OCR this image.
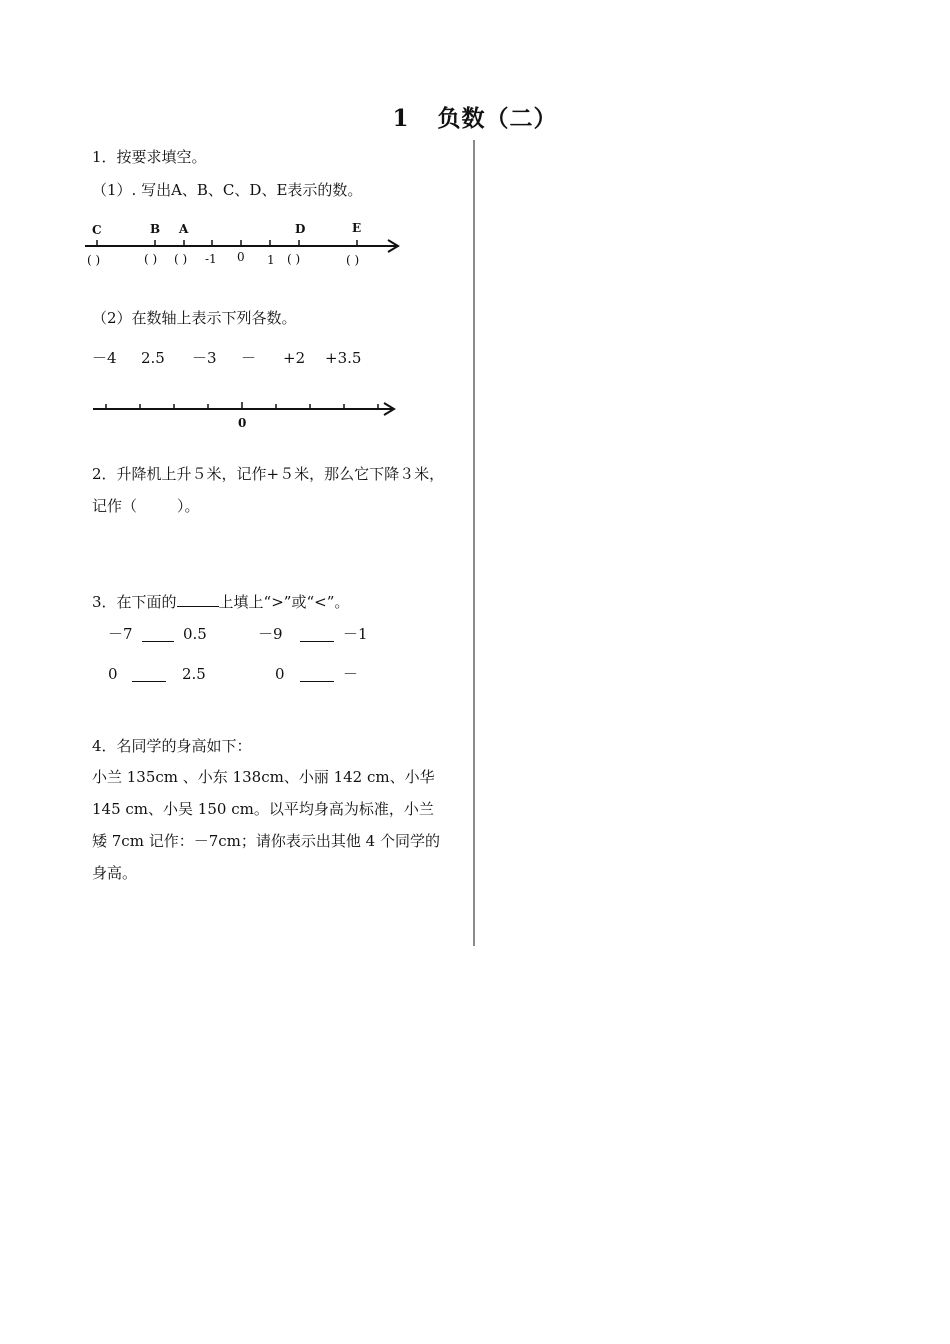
1 负数（二）
1．按要求填空。
（1）. 写出A、B、C、D、E表示的数。
C	B A	D	E
( )	( ) ( ) -1 0 1 ( )	( )
（2）在数轴上表示下列各数。
－4 2.5 －3 － +2 +3.5
0
2．升降机上升５米，记作+５米，那么它下降３米，
记作（	）。
3．在下面的	上填上“>”或“<”。
－7	0.5	－9	－1
0	2.5	0	－
4．名同学的身高如下：
小兰 135cm 、小东 138cm、小丽 142 cm、小华
145 cm、小吴 150 cm。以平均身高为标准，小兰
矮 7cm 记作：－7cm；请你表示出其他 4 个同学的
身高。
